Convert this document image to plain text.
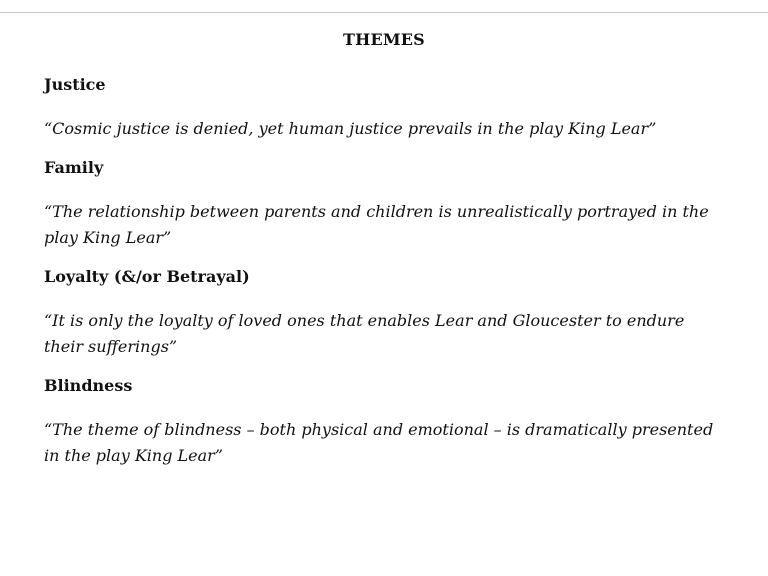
THEMES
Justice

“Cosmic justice is denied, yet human justice prevails in the play King Lear”

Family

“The relationship between parents and children is unrealistically portrayed in the play King Lear”

Loyalty (&/or Betrayal)

“It is only the loyalty of loved ones that enables Lear and Gloucester to endure their sufferings”

Blindness

“The theme of blindness – both physical and emotional – is dramatically presented in the play King Lear”
